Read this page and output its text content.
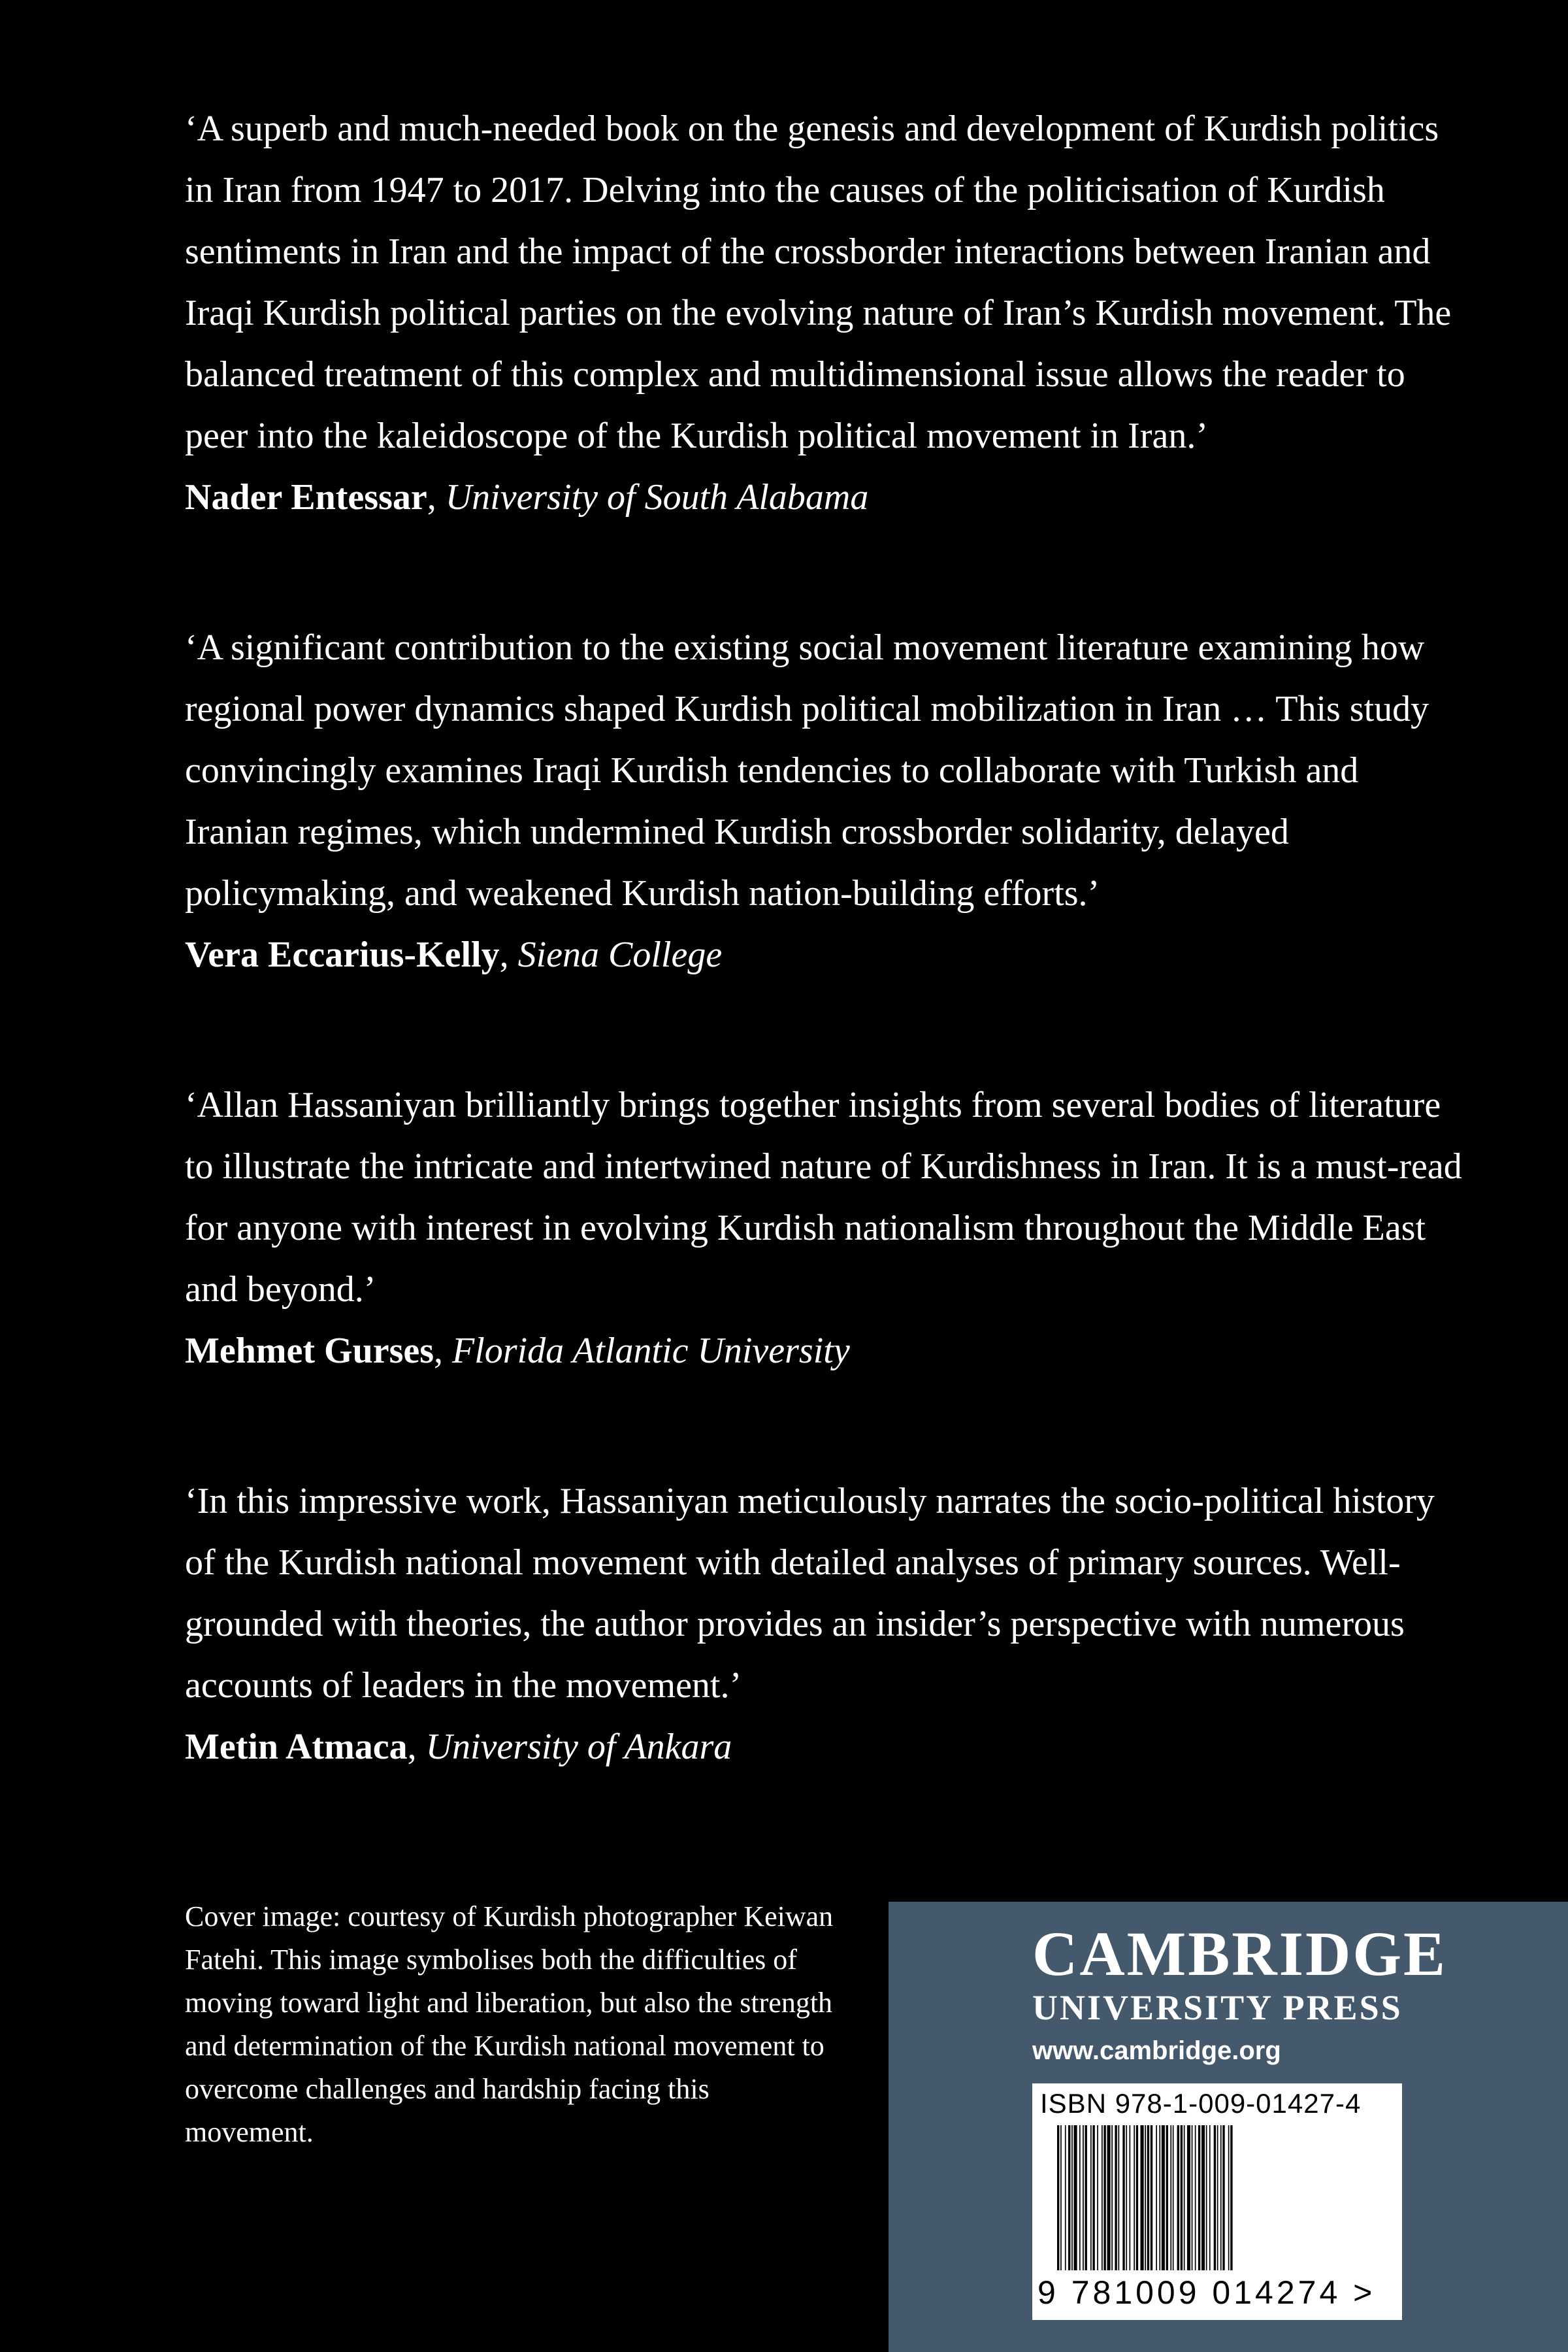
‘A superb and much-needed book on the genesis and development of Kurdish politics in Iran from 1947 to 2017. Delving into the causes of the politicisation of Kurdish sentiments in Iran and the impact of the crossborder interactions between Iranian and Iraqi Kurdish political parties on the evolving nature of Iran’s Kurdish movement. The balanced treatment of this complex and multidimensional issue allows the reader to peer into the kaleidoscope of the Kurdish political movement in Iran.’

Nader Entessar, University of South Alabama

‘A significant contribution to the existing social movement literature examining how regional power dynamics shaped Kurdish political mobilization in Iran … This study convincingly examines Iraqi Kurdish tendencies to collaborate with Turkish and Iranian regimes, which undermined Kurdish crossborder solidarity, delayed policymaking, and weakened Kurdish nation-building efforts.’

Vera Eccarius-Kelly, Siena College

‘Allan Hassaniyan brilliantly brings together insights from several bodies of literature to illustrate the intricate and intertwined nature of Kurdishness in Iran. It is a must-read for anyone with interest in evolving Kurdish nationalism throughout the Middle East and beyond.’

Mehmet Gurses, Florida Atlantic University

‘In this impressive work, Hassaniyan meticulously narrates the socio-political history of the Kurdish national movement with detailed analyses of primary sources. Well-grounded with theories, the author provides an insider’s perspective with numerous accounts of leaders in the movement.’

Metin Atmaca, University of Ankara

Cover image: courtesy of Kurdish photographer Keiwan Fatehi. This image symbolises both the difficulties of moving toward light and liberation, but also the strength and determination of the Kurdish national movement to overcome challenges and hardship facing this movement.

CAMBRIDGE

UNIVERSITY PRESS

www.cambridge.org

ISBN 978-1-009-01427-4
9 781009 014274 >
